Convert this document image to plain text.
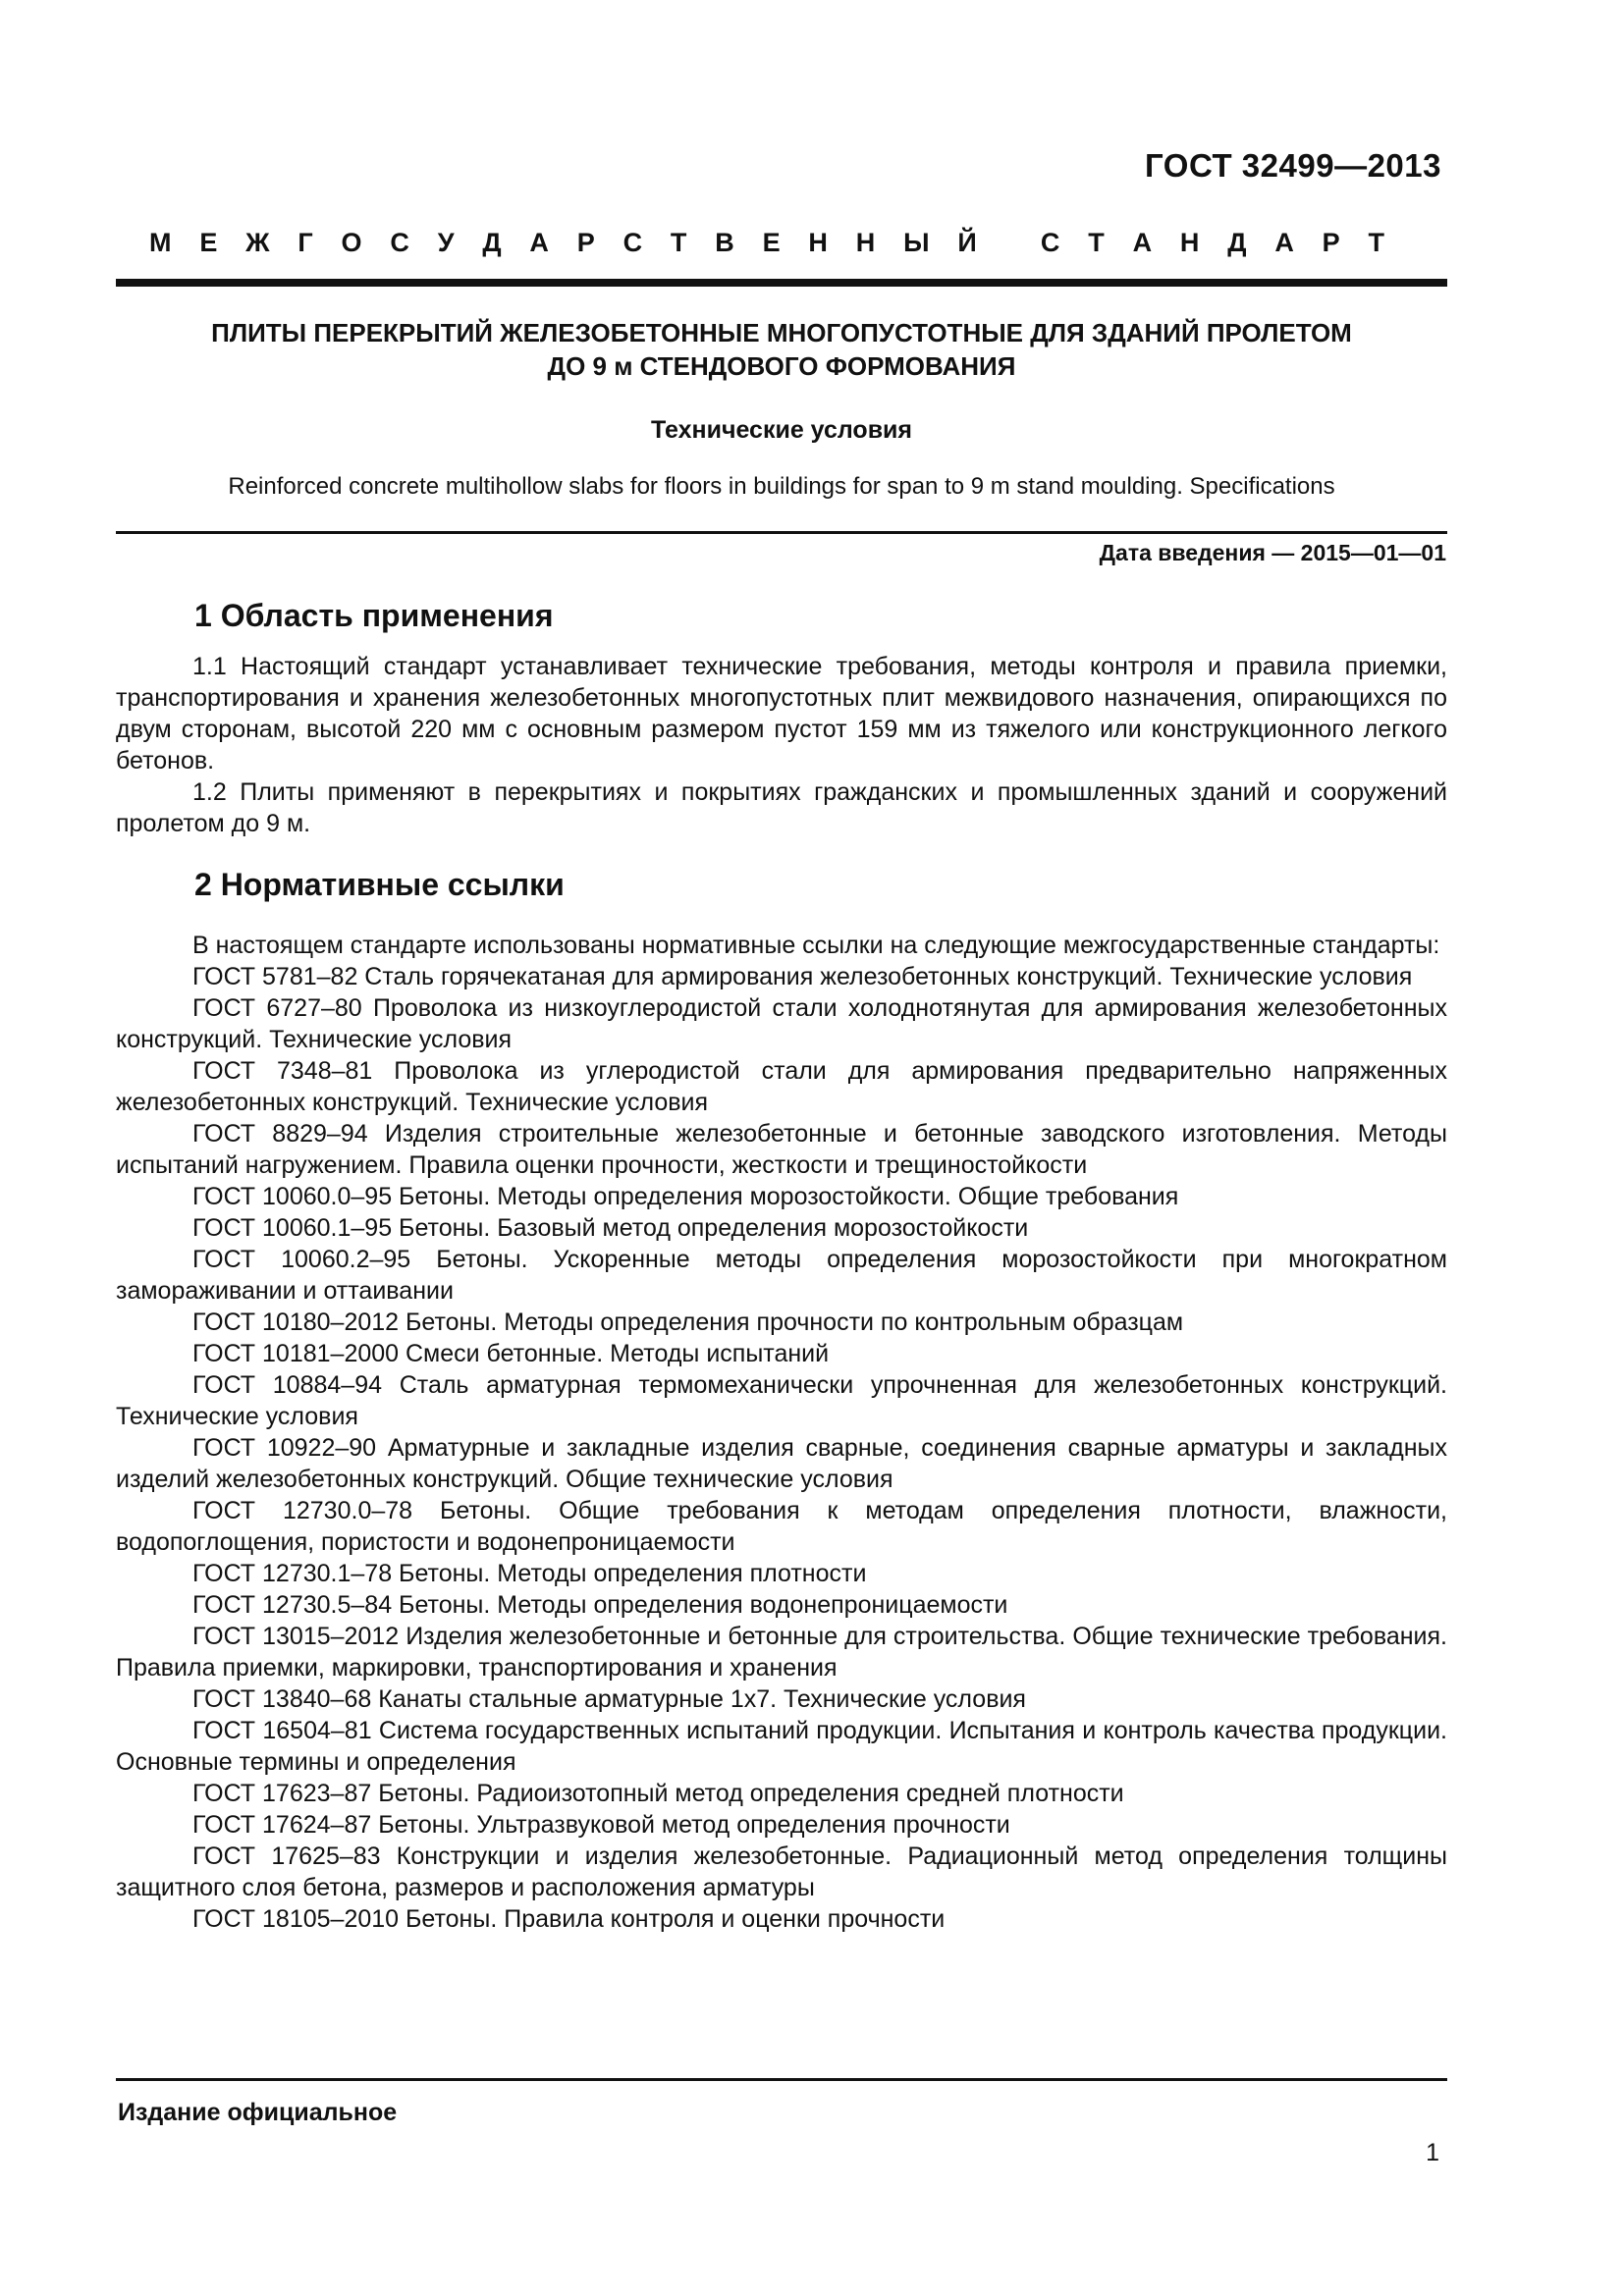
ГОСТ 32499—2013
М Е Ж Г О С У Д А Р С Т В Е Н Н Ы Й
С Т А Н Д А Р Т
ПЛИТЫ ПЕРЕКРЫТИЙ ЖЕЛЕЗОБЕТОННЫЕ МНОГОПУСТОТНЫЕ ДЛЯ ЗДАНИЙ ПРОЛЕТОМ
ДО 9 м СТЕНДОВОГО ФОРМОВАНИЯ
Технические условия
Reinforced concrete multihollow slabs for floors in buildings for span to 9 m stand moulding. Specifications
Дата введения — 2015—01—01
1 Область применения

1.1 Настоящий стандарт устанавливает технические требования, методы контроля и правила приемки, транспортирования и хранения железобетонных многопустотных плит межвидового назначения, опирающихся по двум сторонам, высотой 220 мм с основным размером пустот 159 мм из тяжелого или конструкционного легкого бетонов.

1.2 Плиты применяют в перекрытиях и покрытиях гражданских и промышленных зданий и сооружений пролетом до 9 м.

2 Нормативные ссылки

В настоящем стандарте использованы нормативные ссылки на следующие межгосударственные стандарты:

ГОСТ 5781–82 Сталь горячекатаная для армирования железобетонных конструкций. Технические условия

ГОСТ 6727–80 Проволока из низкоуглеродистой стали холоднотянутая для армирования железобетонных конструкций. Технические условия

ГОСТ 7348–81 Проволока из углеродистой стали для армирования предварительно напряженных железобетонных конструкций. Технические условия

ГОСТ 8829–94 Изделия строительные железобетонные и бетонные заводского изготовления. Методы испытаний нагружением. Правила оценки прочности, жесткости и трещиностойкости

ГОСТ 10060.0–95 Бетоны. Методы определения морозостойкости. Общие требования

ГОСТ 10060.1–95 Бетоны. Базовый метод определения морозостойкости

ГОСТ 10060.2–95 Бетоны. Ускоренные методы определения морозостойкости при многократном замораживании и оттаивании

ГОСТ 10180–2012 Бетоны. Методы определения прочности по контрольным образцам

ГОСТ 10181–2000 Смеси бетонные. Методы испытаний

ГОСТ 10884–94 Сталь арматурная термомеханически упрочненная для железобетонных конструкций. Технические условия

ГОСТ 10922–90 Арматурные и закладные изделия сварные, соединения сварные арматуры и закладных изделий железобетонных конструкций. Общие технические условия

ГОСТ 12730.0–78 Бетоны. Общие требования к методам определения плотности, влажности, водопоглощения, пористости и водонепроницаемости

ГОСТ 12730.1–78 Бетоны. Методы определения плотности

ГОСТ 12730.5–84 Бетоны. Методы определения водонепроницаемости

ГОСТ 13015–2012 Изделия железобетонные и бетонные для строительства. Общие технические требования. Правила приемки, маркировки, транспортирования и хранения

ГОСТ 13840–68 Канаты стальные арматурные 1x7. Технические условия

ГОСТ 16504–81 Система государственных испытаний продукции. Испытания и контроль качества продукции. Основные термины и определения

ГОСТ 17623–87 Бетоны. Радиоизотопный метод определения средней плотности

ГОСТ 17624–87 Бетоны. Ультразвуковой метод определения прочности

ГОСТ 17625–83 Конструкции и изделия железобетонные. Радиационный метод определения толщины защитного слоя бетона, размеров и расположения арматуры

ГОСТ 18105–2010 Бетоны. Правила контроля и оценки прочности

Издание официальное
1
